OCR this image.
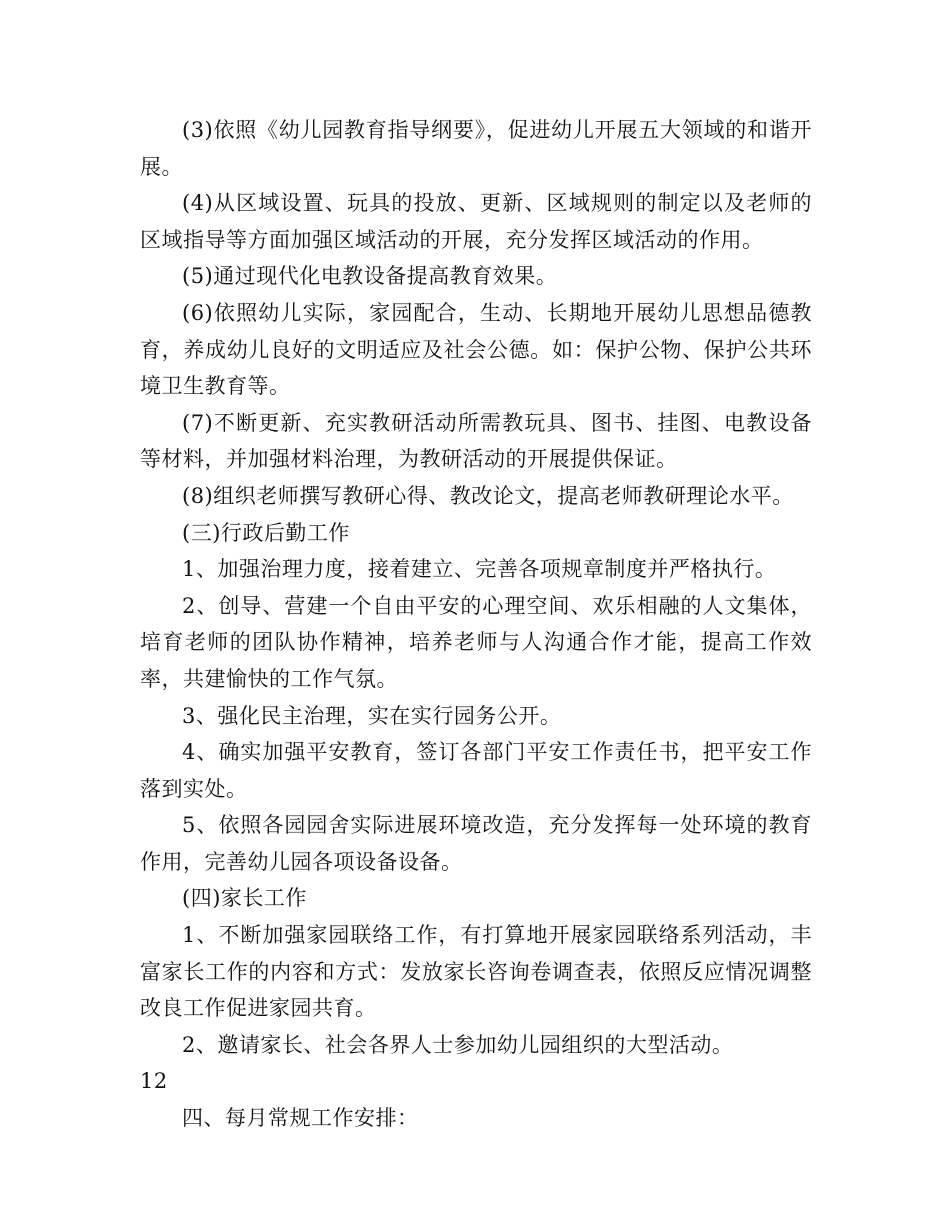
(3)依照《幼儿园教育指导纲要》，促进幼儿开展五大领域的和谐开展。

(4)从区域设置、玩具的投放、更新、区域规则的制定以及老师的区域指导等方面加强区域活动的开展，充分发挥区域活动的作用。

(5)通过现代化电教设备提高教育效果。

(6)依照幼儿实际，家园配合，生动、长期地开展幼儿思想品德教育，养成幼儿良好的文明适应及社会公德。如：保护公物、保护公共环境卫生教育等。

(7)不断更新、充实教研活动所需教玩具、图书、挂图、电教设备等材料，并加强材料治理，为教研活动的开展提供保证。

(8)组织老师撰写教研心得、教改论文，提高老师教研理论水平。

(三)行政后勤工作

1、加强治理力度，接着建立、完善各项规章制度并严格执行。

2、创导、营建一个自由平安的心理空间、欢乐相融的人文集体，培育老师的团队协作精神，培养老师与人沟通合作才能，提高工作效率，共建愉快的工作气氛。

3、强化民主治理，实在实行园务公开。

4、确实加强平安教育，签订各部门平安工作责任书，把平安工作落到实处。

5、依照各园园舍实际进展环境改造，充分发挥每一处环境的教育作用，完善幼儿园各项设备设备。

(四)家长工作

1、不断加强家园联络工作，有打算地开展家园联络系列活动，丰富家长工作的内容和方式：发放家长咨询卷调查表，依照反应情况调整改良工作促进家园共育。

2、邀请家长、社会各界人士参加幼儿园组织的大型活动。

12

四、每月常规工作安排：
